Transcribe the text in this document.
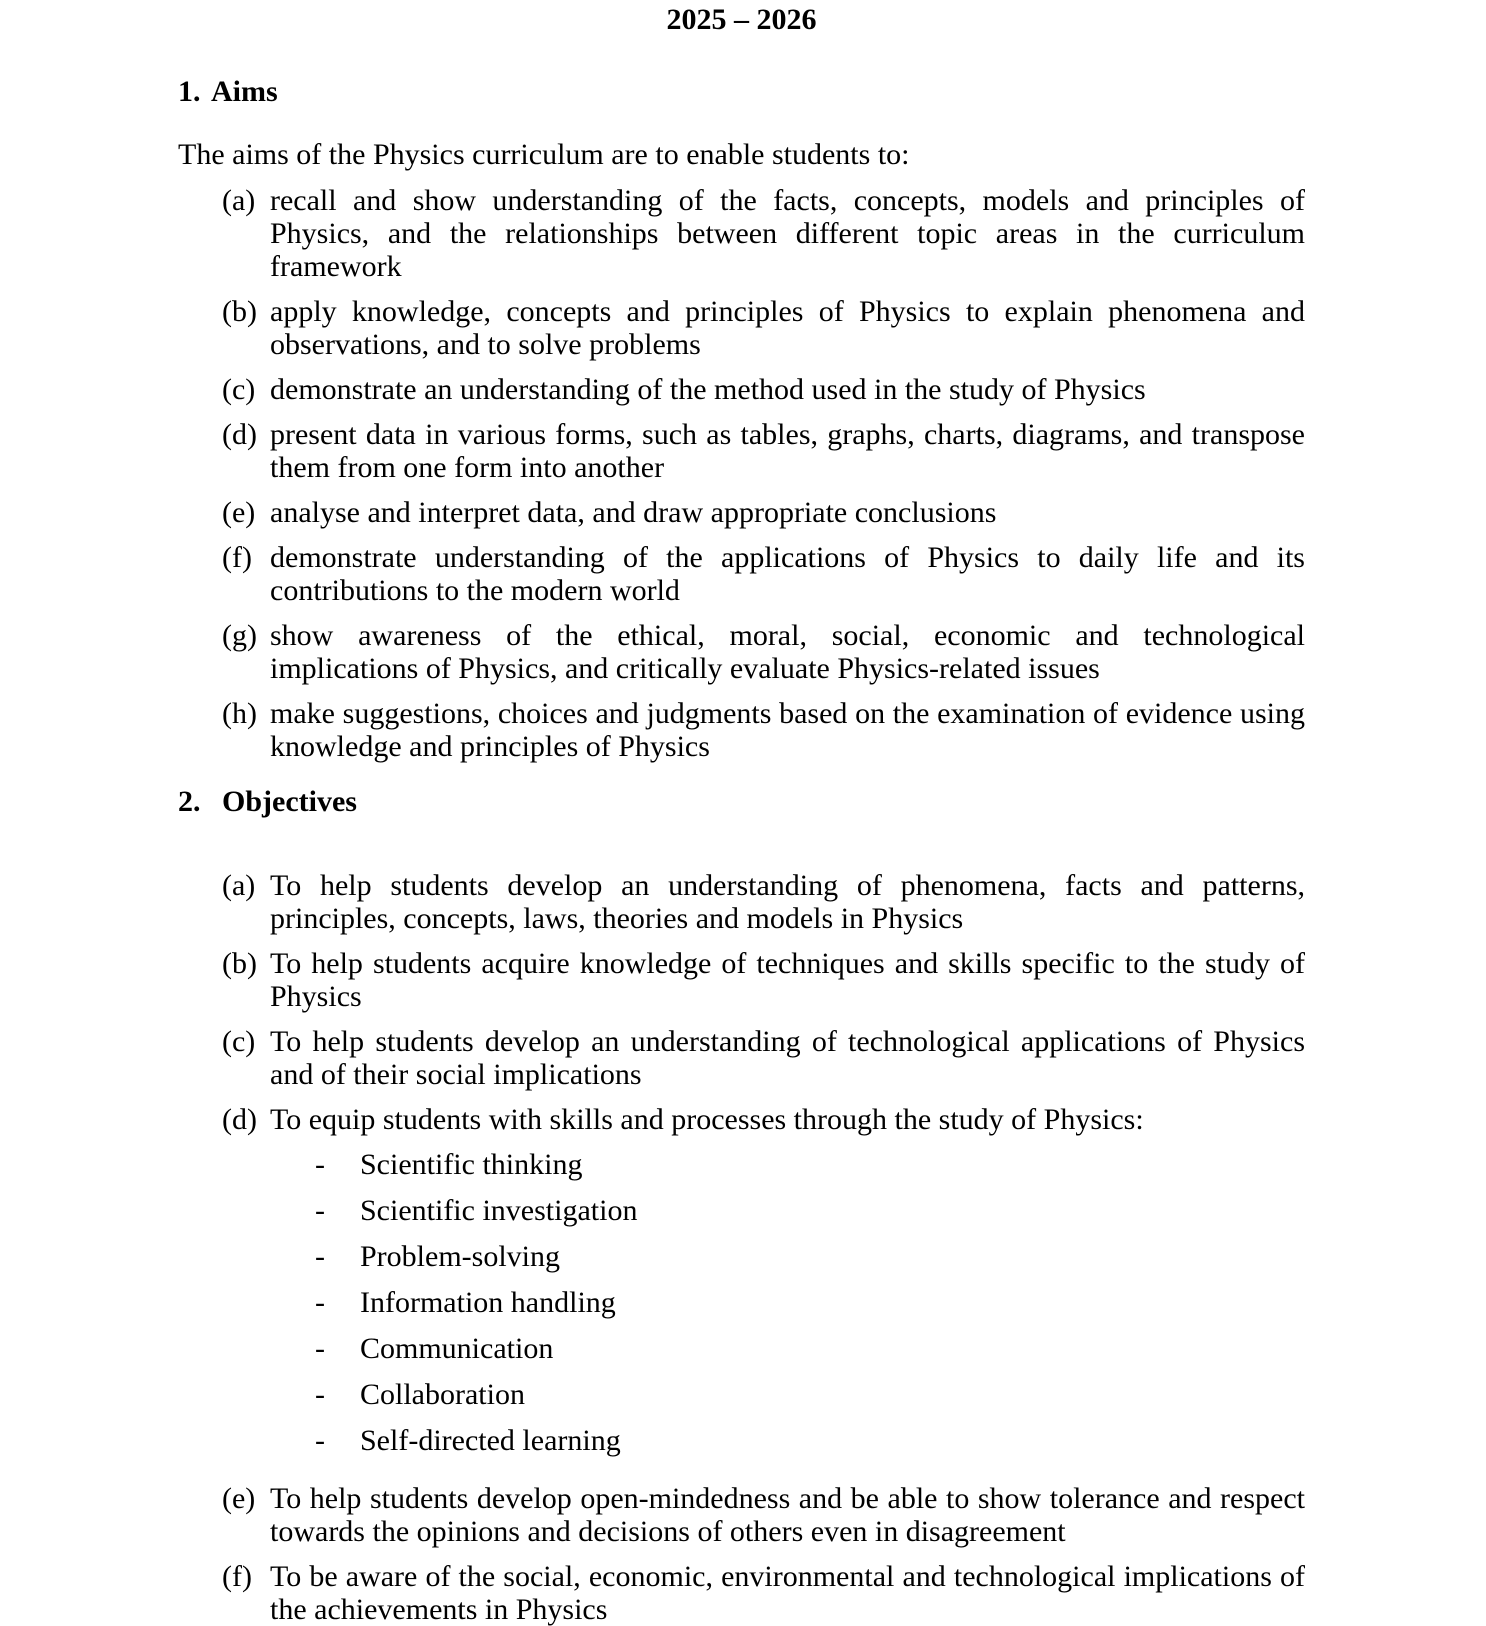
2025 – 2026
1. Aims

The aims of the Physics curriculum are to enable students to:

(a) recall and show understanding of the facts, concepts, models and principles of Physics, and the relationships between different topic areas in the curriculum framework
(b) apply knowledge, concepts and principles of Physics to explain phenomena and observations, and to solve problems
(c) demonstrate an understanding of the method used in the study of Physics
(d) present data in various forms, such as tables, graphs, charts, diagrams, and transpose them from one form into another
(e) analyse and interpret data, and draw appropriate conclusions
(f) demonstrate understanding of the applications of Physics to daily life and its contributions to the modern world
(g) show awareness of the ethical, moral, social, economic and technological implications of Physics, and critically evaluate Physics-related issues
(h) make suggestions, choices and judgments based on the examination of evidence using knowledge and principles of Physics
2. Objectives
(a) To help students develop an understanding of phenomena, facts and patterns, principles, concepts, laws, theories and models in Physics
(b) To help students acquire knowledge of techniques and skills specific to the study of Physics
(c) To help students develop an understanding of technological applications of Physics and of their social implications
(d) To equip students with skills and processes through the study of Physics:
-	Scientific thinking
-	Scientific investigation
-	Problem-solving
-	Information handling
-	Communication
-	Collaboration
-	Self-directed learning
(e) To help students develop open-mindedness and be able to show tolerance and respect towards the opinions and decisions of others even in disagreement
(f) To be aware of the social, economic, environmental and technological implications of the achievements in Physics
